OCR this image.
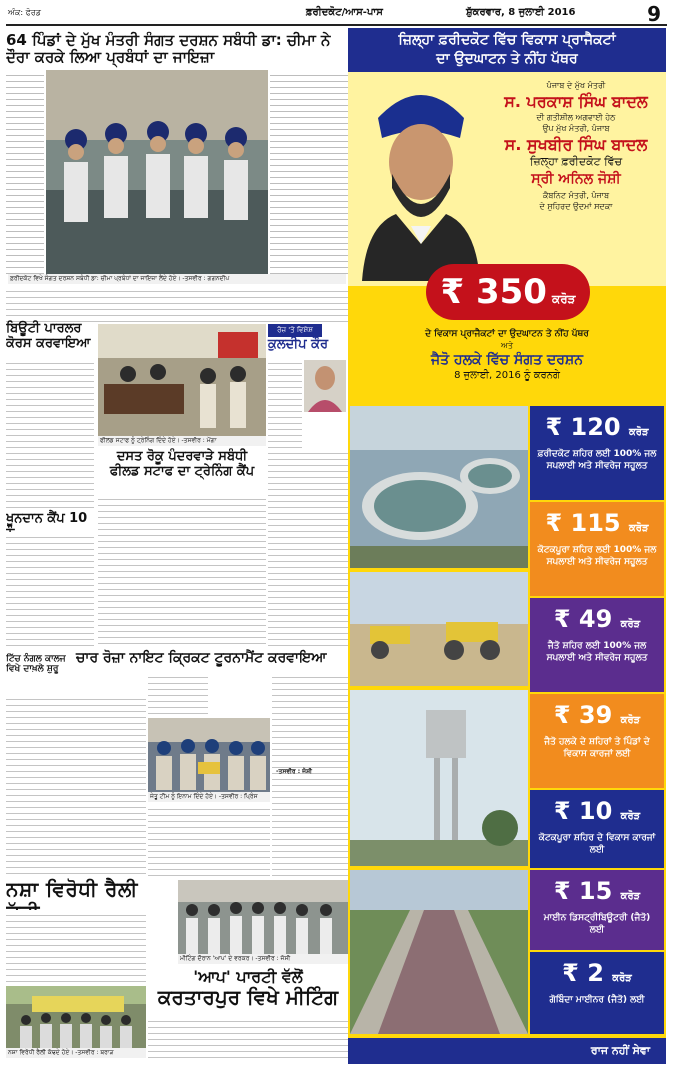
ਅੰਕ: ਫੋਰਡ	ਫ਼ਰੀਦਕੋਟ/ਆਸ-ਪਾਸ	ਸ਼ੁੱਕਰਵਾਰ, 8 ਜੁਲਾਈ 2016	9
64 ਪਿੰਡਾਂ ਦੇ ਮੁੱਖ ਮੰਤਰੀ ਸੰਗਤ ਦਰਸ਼ਨ ਸਬੰਧੀ ਡਾ: ਚੀਮਾ ਨੇ ਦੌਰਾ ਕਰਕੇ ਲਿਆ ਪ੍ਰਬੰਧਾਂ ਦਾ ਜਾਇਜ਼ਾ
ਫ਼ਰੀਦਕੋਟ ਵਿਖੇ ਸੰਗਤ ਦਰਸ਼ਨ ਸਬੰਧੀ ਡਾ: ਚੀਮਾ ਪ੍ਰਬੰਧਾਂ ਦਾ ਜਾਇਜ਼ਾ ਲੈਂਦੇ ਹੋਏ। -ਤਸਵੀਰ : ਗਗਨਦੀਪ
ਬਿਊਟੀ ਪਾਰਲਰ ਕੋਰਸ ਕਰਵਾਇਆ
ਫੀਲਡ ਸਟਾਫ ਨੂੰ ਟ੍ਰੇਨਿੰਗ ਦਿੰਦੇ ਹੋਏ। -ਤਸਵੀਰ : ਮੋਂਗਾ
ਰੋਜ਼ 'ਤੇ ਵਿਸ਼ੇਸ਼
ਕੁਲਦੀਪ ਕੌਰ
ਦਸਤ ਰੋਕੂ ਪੰਦਰਵਾੜੇ ਸਬੰਧੀ
ਫੀਲਡ ਸਟਾਫ ਦਾ ਟ੍ਰੇਨਿੰਗ ਕੈਂਪ
ਖੂਨਦਾਨ ਕੈਂਪ 10
ਚਾਰ ਰੋਜ਼ਾ ਨਾਇਟ ਕ੍ਰਿਕਟ ਟੂਰਨਾਮੈਂਟ ਕਰਵਾਇਆ
ਜੇਤੂ ਟੀਮ ਨੂੰ ਇਨਾਮ ਦਿੰਦੇ ਹੋਏ। -ਤਸਵੀਰ : ਪ੍ਰਿੰਸ
-ਤਸਵੀਰ : ਜੋਸ਼ੀ
ਟਿੱਚ ਨੰਗਲ ਕਾਲਜ ਵਿਖੇ ਦਾਖ਼ਲੇ ਸ਼ੁਰੂ
ਨਸ਼ਾ ਵਿਰੋਧੀ ਰੈਲੀ
ਨਸ਼ਾ ਵਿਰੋਧੀ ਰੈਲੀ ਕੱਢਦੇ ਹੋਏ। -ਤਸਵੀਰ : ਬਰਾੜ
ਮੀਟਿੰਗ ਦੌਰਾਨ 'ਆਪ' ਦੇ ਵਰਕਰ। -ਤਸਵੀਰ : ਜੱਸੀ
'ਆਪ' ਪਾਰਟੀ ਵੱਲੋਂ
ਕਰਤਾਰਪੁਰ ਵਿਖੇ ਮੀਟਿੰਗ
ਜ਼ਿਲ੍ਹਾ ਫ਼ਰੀਦਕੋਟ ਵਿੱਚ ਵਿਕਾਸ ਪ੍ਰਾਜੈਕਟਾਂ
ਦਾ ਉਦਘਾਟਨ ਤੇ ਨੀਂਹ ਪੱਥਰ
ਪੰਜਾਬ ਦੇ ਮੁੱਖ ਮੰਤਰੀ
ਸ. ਪਰਕਾਸ਼ ਸਿੰਘ ਬਾਦਲ
ਦੀ ਗਤੀਸ਼ੀਲ ਅਗਵਾਈ ਹੇਠ
ਉਪ ਮੁੱਖ ਮੰਤਰੀ, ਪੰਜਾਬ
ਸ. ਸੁਖਬੀਰ ਸਿੰਘ ਬਾਦਲ
ਜ਼ਿਲ੍ਹਾ ਫ਼ਰੀਦਕੋਟ ਵਿੱਚ
ਸ੍ਰੀ ਅਨਿਲ ਜੋਸ਼ੀ
ਕੈਬਨਿਟ ਮੰਤਰੀ, ਪੰਜਾਬ
ਦੇ ਸੁਹਿਰਦ ਉਦਮਾਂ ਸਦਕਾ
₹ 350 ਕਰੋੜ
ਦੇ ਵਿਕਾਸ ਪ੍ਰਾਜੈਕਟਾਂ ਦਾ ਉਦਘਾਟਨ ਤੇ ਨੀਂਹ ਪੱਥਰ
ਅਤੇ
ਜੈਤੋ ਹਲਕੇ ਵਿੱਚ ਸੰਗਤ ਦਰਸ਼ਨ
8 ਜੁਲਾਈ, 2016 ਨੂੰ ਕਰਨਗੇ
₹ 120 ਕਰੋੜ
ਫ਼ਰੀਦਕੋਟ ਸ਼ਹਿਰ ਲਈ 100% ਜਲ ਸਪਲਾਈ ਅਤੇ ਸੀਵਰੇਜ ਸਹੂਲਤ
₹ 115 ਕਰੋੜ
ਕੋਟਕਪੂਰਾ ਸ਼ਹਿਰ ਲਈ 100% ਜਲ ਸਪਲਾਈ ਅਤੇ ਸੀਵਰੇਜ ਸਹੂਲਤ
₹ 49 ਕਰੋੜ
ਜੈਤੋ ਸ਼ਹਿਰ ਲਈ 100% ਜਲ ਸਪਲਾਈ ਅਤੇ ਸੀਵਰੇਜ ਸਹੂਲਤ
₹ 39 ਕਰੋੜ
ਜੈਤੋ ਹਲਕੇ ਦੇ ਸ਼ਹਿਰਾਂ ਤੇ ਪਿੰਡਾਂ ਦੇ ਵਿਕਾਸ ਕਾਰਜਾਂ ਲਈ
₹ 10 ਕਰੋੜ
ਕੋਟਕਪੂਰਾ ਸ਼ਹਿਰ ਦੇ ਵਿਕਾਸ ਕਾਰਜਾਂ ਲਈ
₹ 15 ਕਰੋੜ
ਮਾਈਨ ਡਿਸਟ੍ਰੀਬਿਊਟਰੀ (ਜੈਤੋ) ਲਈ
₹ 2 ਕਰੋੜ
ਗੋਬਿੰਦਾ ਮਾਈਨਰ (ਜੈਤੋ) ਲਈ
ਰਾਜ ਨਹੀਂ ਸੇਵਾ
